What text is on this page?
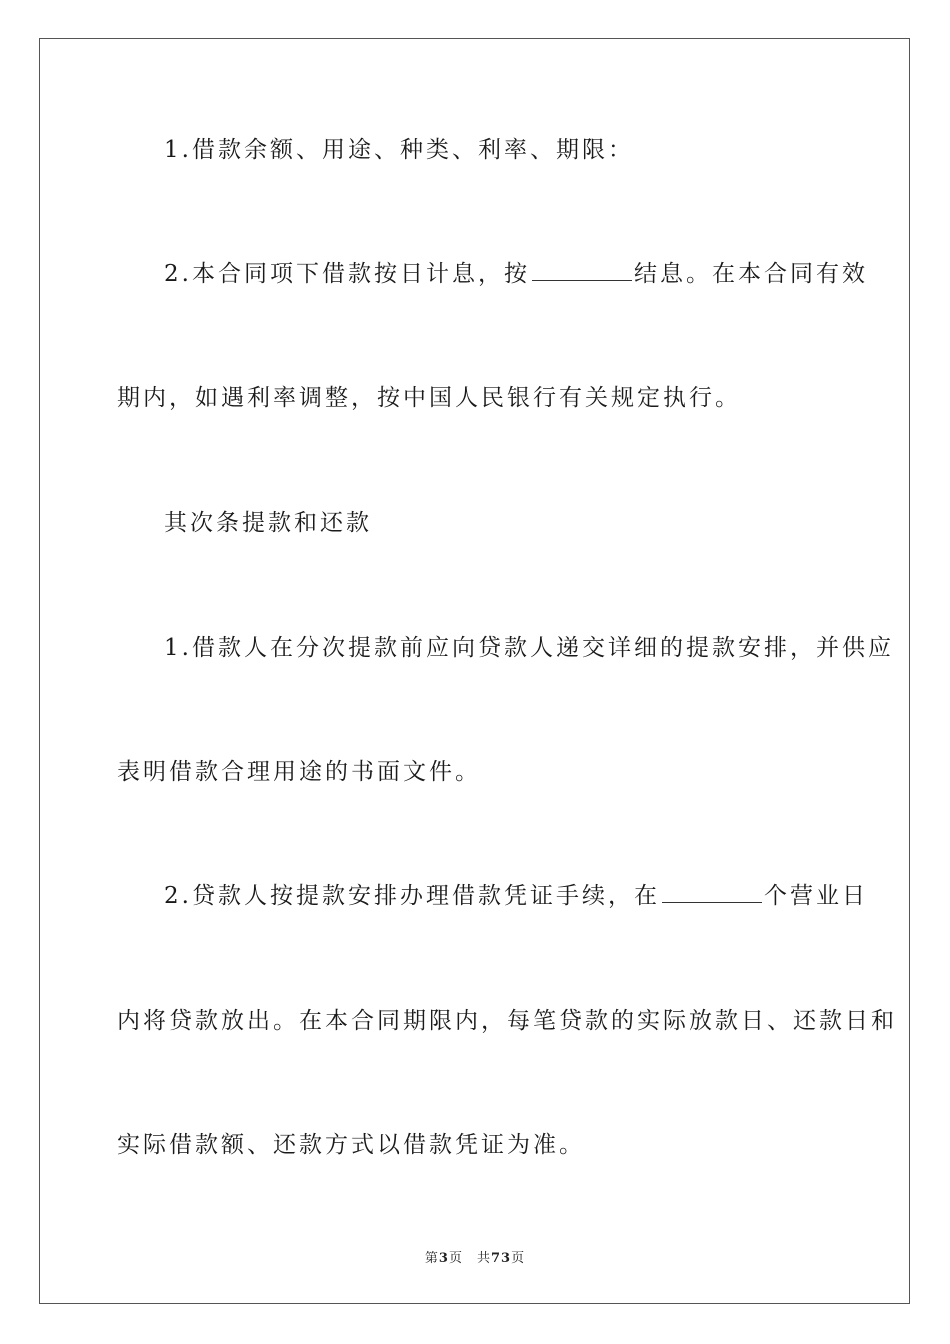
1.借款余额、用途、种类、利率、期限：
2.本合同项下借款按日计息，按	结息。在本合同有效
期内，如遇利率调整，按中国人民银行有关规定执行。
其次条提款和还款
1.借款人在分次提款前应向贷款人递交详细的提款安排，并供应
表明借款合理用途的书面文件。
2.贷款人按提款安排办理借款凭证手续，在	个营业日
内将贷款放出。在本合同期限内，每笔贷款的实际放款日、还款日和
实际借款额、还款方式以借款凭证为准。
第3页 共73页
